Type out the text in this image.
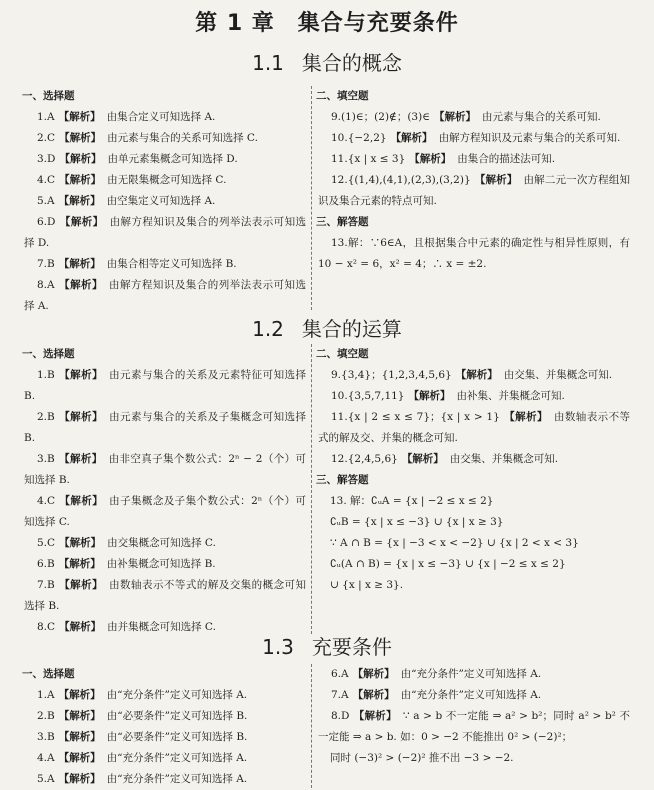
第 1 章　集合与充要条件
1.1 集合的概念
一、选择题
1.A 【解析】 由集合定义可知选择 A.
2.C 【解析】 由元素与集合的关系可知选择 C.
3.D 【解析】 由单元素集概念可知选择 D.
4.C 【解析】 由无限集概念可知选择 C.
5.A 【解析】 由空集定义可知选择 A.
6.D 【解析】 由解方程知识及集合的列举法表示可知选择 D.
7.B 【解析】 由集合相等定义可知选择 B.
8.A 【解析】 由解方程知识及集合的列举法表示可知选择 A.
二、填空题
9.(1)∈；(2)∉；(3)∈ 【解析】 由元素与集合的关系可知.
10.{−2,2} 【解析】 由解方程知识及元素与集合的关系可知.
11.{x | x ≤ 3} 【解析】 由集合的描述法可知.
12.{(1,4),(4,1),(2,3),(3,2)} 【解析】 由解二元一次方程组知识及集合元素的特点可知.
三、解答题
13.解：∵6∈A，且根据集合中元素的确定性与相异性原则，有 10 − x² = 6，x² = 4；∴ x = ±2.
1.2 集合的运算
一、选择题
1.B 【解析】 由元素与集合的关系及元素特征可知选择 B.
2.B 【解析】 由元素与集合的关系及子集概念可知选择 B.
3.B 【解析】 由非空真子集个数公式：2ⁿ − 2（个）可知选择 B.
4.C 【解析】 由子集概念及子集个数公式：2ⁿ（个）可知选择 C.
5.C 【解析】 由交集概念可知选择 C.
6.B 【解析】 由补集概念可知选择 B.
7.B 【解析】 由数轴表示不等式的解及交集的概念可知选择 B.
8.C 【解析】 由并集概念可知选择 C.
二、填空题
9.{3,4}；{1,2,3,4,5,6} 【解析】 由交集、并集概念可知.
10.{3,5,7,11} 【解析】 由补集、并集概念可知.
11.{x | 2 ≤ x ≤ 7}；{x | x > 1} 【解析】 由数轴表示不等式的解及交、并集的概念可知.
12.{2,4,5,6} 【解析】 由交集、并集概念可知.
三、解答题
13. 解：∁ᵤA = {x | −2 ≤ x ≤ 2}
∁ᵤB = {x | x ≤ −3} ∪ {x | x ≥ 3}
∵ A ∩ B = {x | −3 < x < −2} ∪ {x | 2 < x < 3}
∁ᵤ(A ∩ B) = {x | x ≤ −3} ∪ {x | −2 ≤ x ≤ 2}
∪ {x | x ≥ 3}.
1.3 充要条件
一、选择题
1.A 【解析】 由“充分条件”定义可知选择 A.
2.B 【解析】 由“必要条件”定义可知选择 B.
3.B 【解析】 由“必要条件”定义可知选择 B.
4.A 【解析】 由“充分条件”定义可知选择 A.
5.A 【解析】 由“充分条件”定义可知选择 A.
6.A 【解析】 由“充分条件”定义可知选择 A.
7.A 【解析】 由“充分条件”定义可知选择 A.
8.D 【解析】 ∵ a > b 不一定能 ⇒ a² > b²；同时 a² > b² 不一定能 ⇒ a > b. 如：0 > −2 不能推出 0² > (−2)²；
同时 (−3)² > (−2)² 推不出 −3 > −2.
